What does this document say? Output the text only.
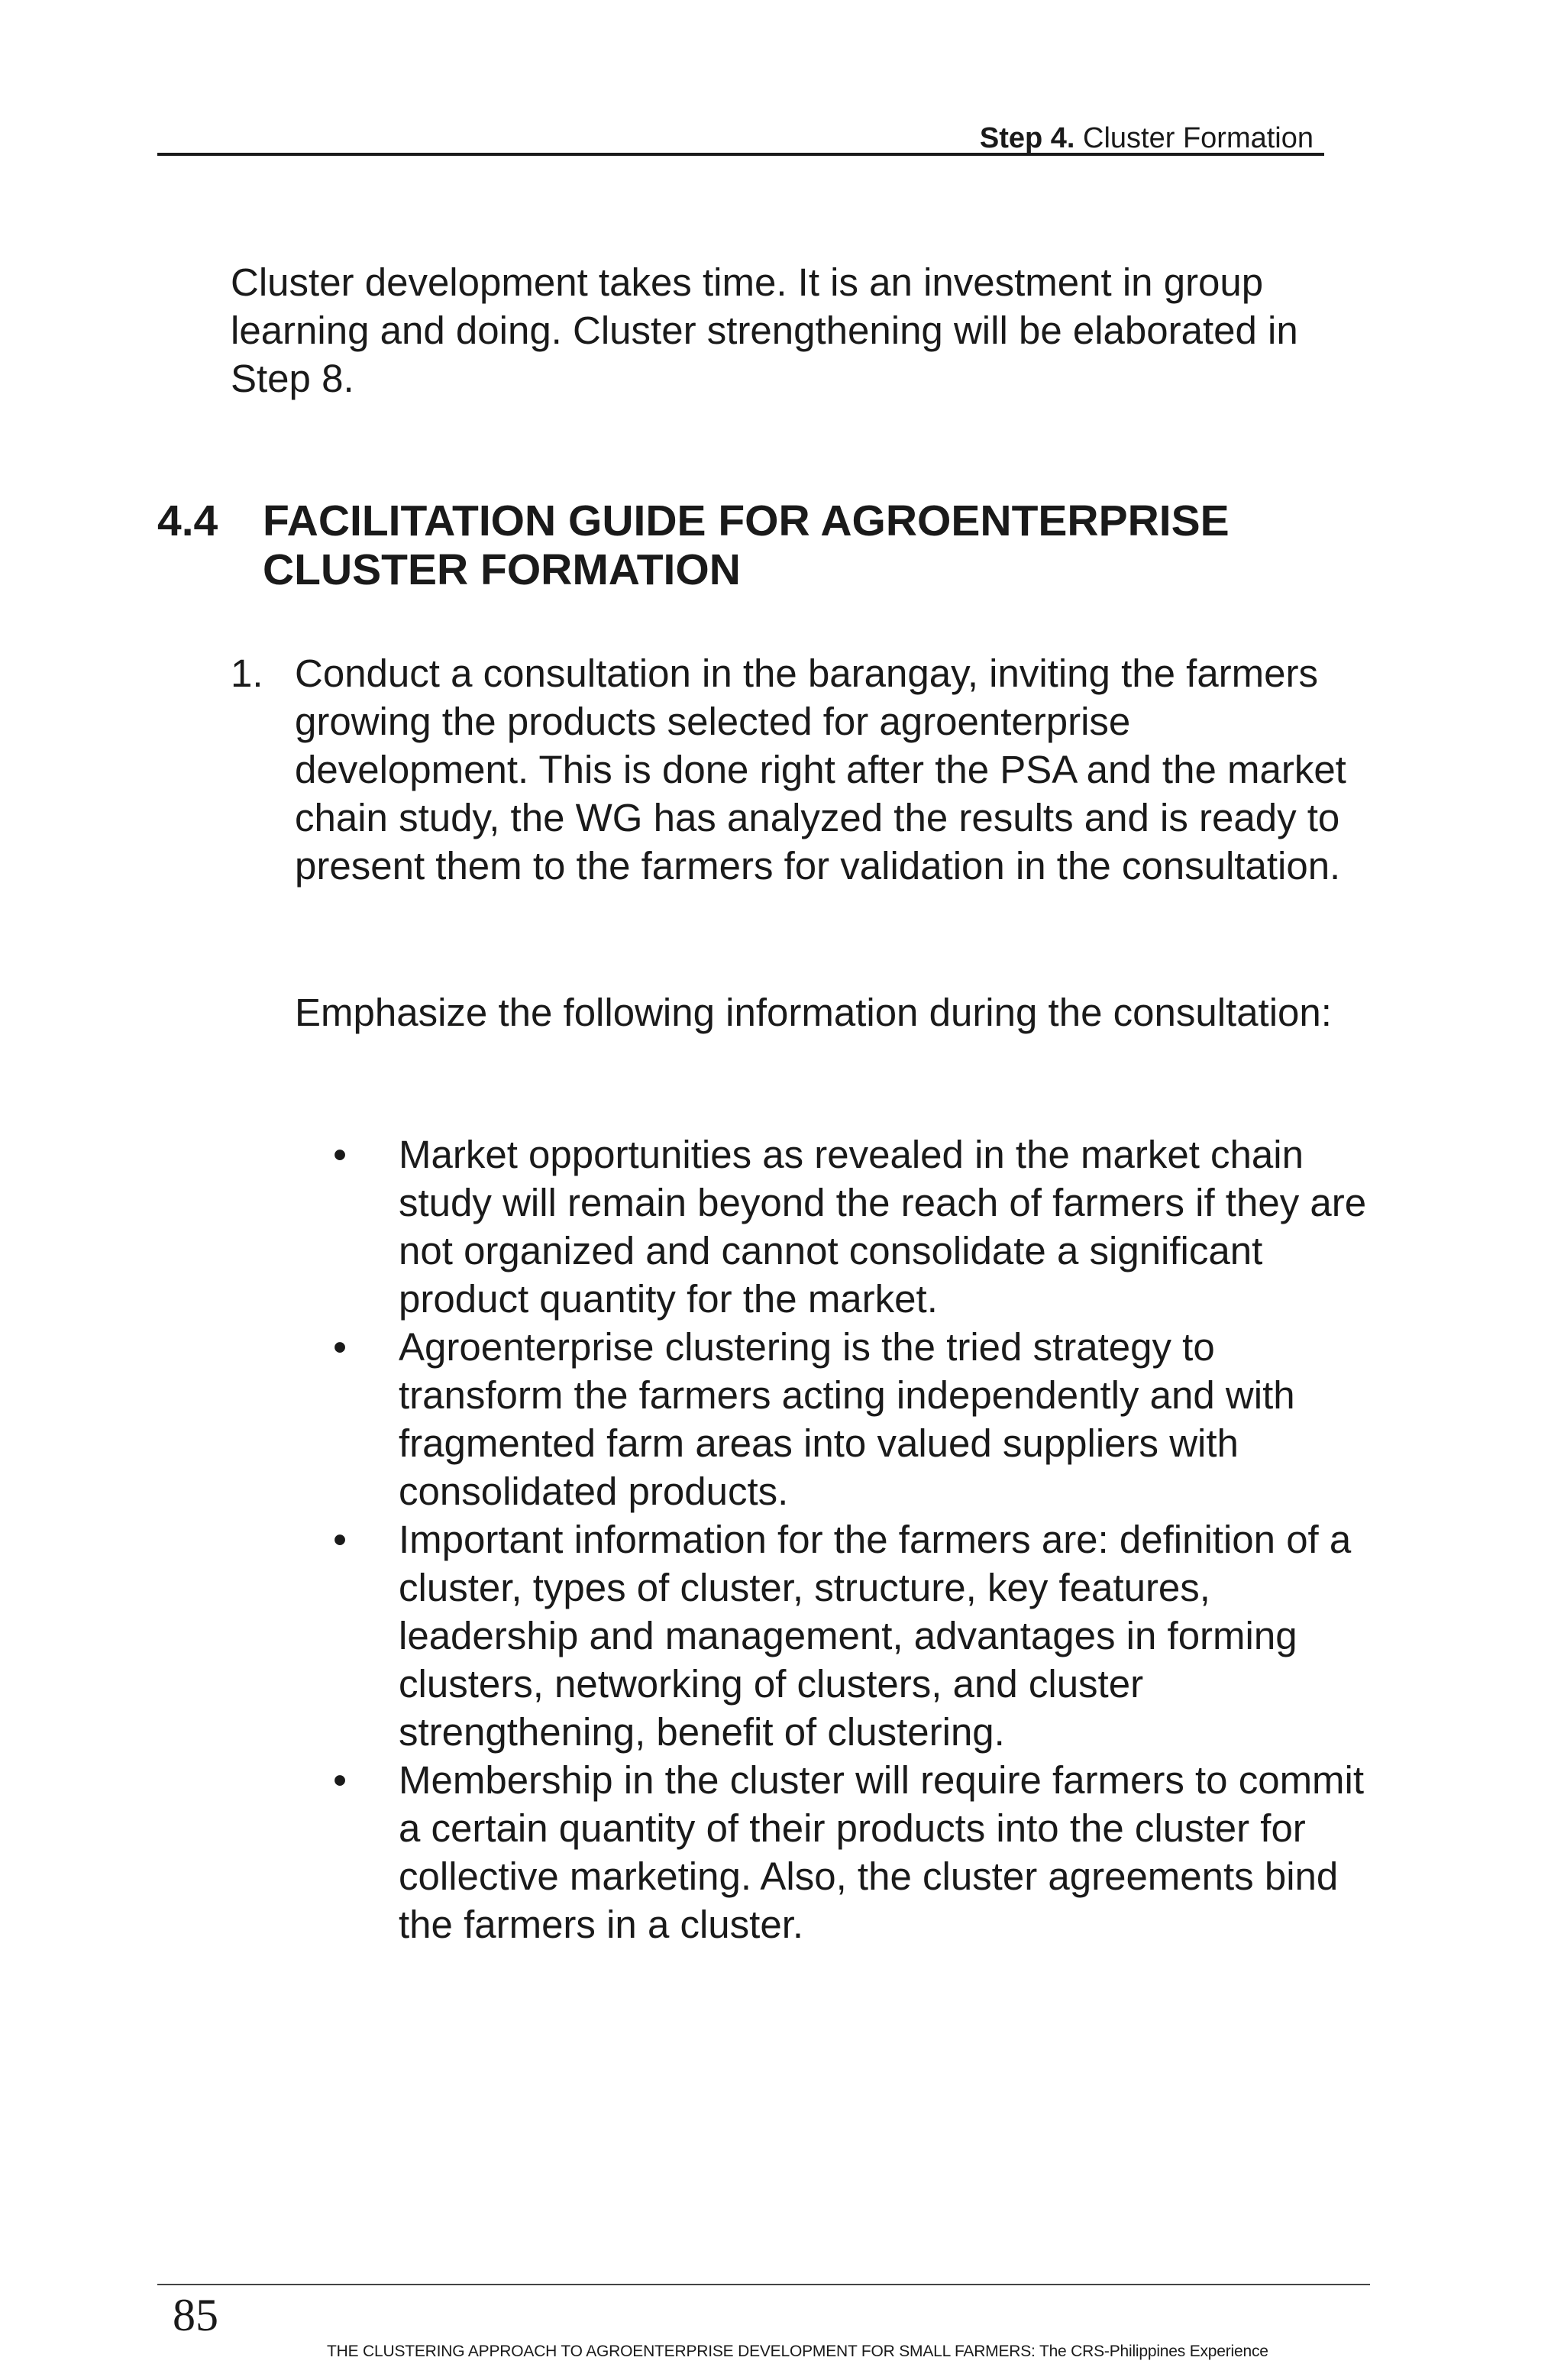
Step 4. Cluster Formation

Cluster development takes time. It is an investment in group learning and doing. Cluster strengthening will be elaborated in Step 8.

4.4 FACILITATION GUIDE FOR AGROENTERPRISE CLUSTER FORMATION
1. Conduct a consultation in the barangay, inviting the farmers growing the products selected for agroenterprise development. This is done right after the PSA and the market chain study, the WG has analyzed the results and is ready to present them to the farmers for validation in the consultation.

Emphasize the following information during the consultation:

• Market opportunities as revealed in the market chain study will remain beyond the reach of farmers if they are not organized and cannot consolidate a significant product quantity for the market.
• Agroenterprise clustering is the tried strategy to transform the farmers acting independently and with fragmented farm areas into valued suppliers with consolidated products.
• Important information for the farmers are: definition of a cluster, types of cluster, structure, key features, leadership and management, advantages in forming clusters, networking of clusters, and cluster strengthening, benefit of clustering.
• Membership in the cluster will require farmers to commit a certain quantity of their products into the cluster for collective marketing. Also, the cluster agreements bind the farmers in a cluster.
85
THE CLUSTERING APPROACH TO AGROENTERPRISE DEVELOPMENT FOR SMALL FARMERS: The CRS-Philippines Experience
